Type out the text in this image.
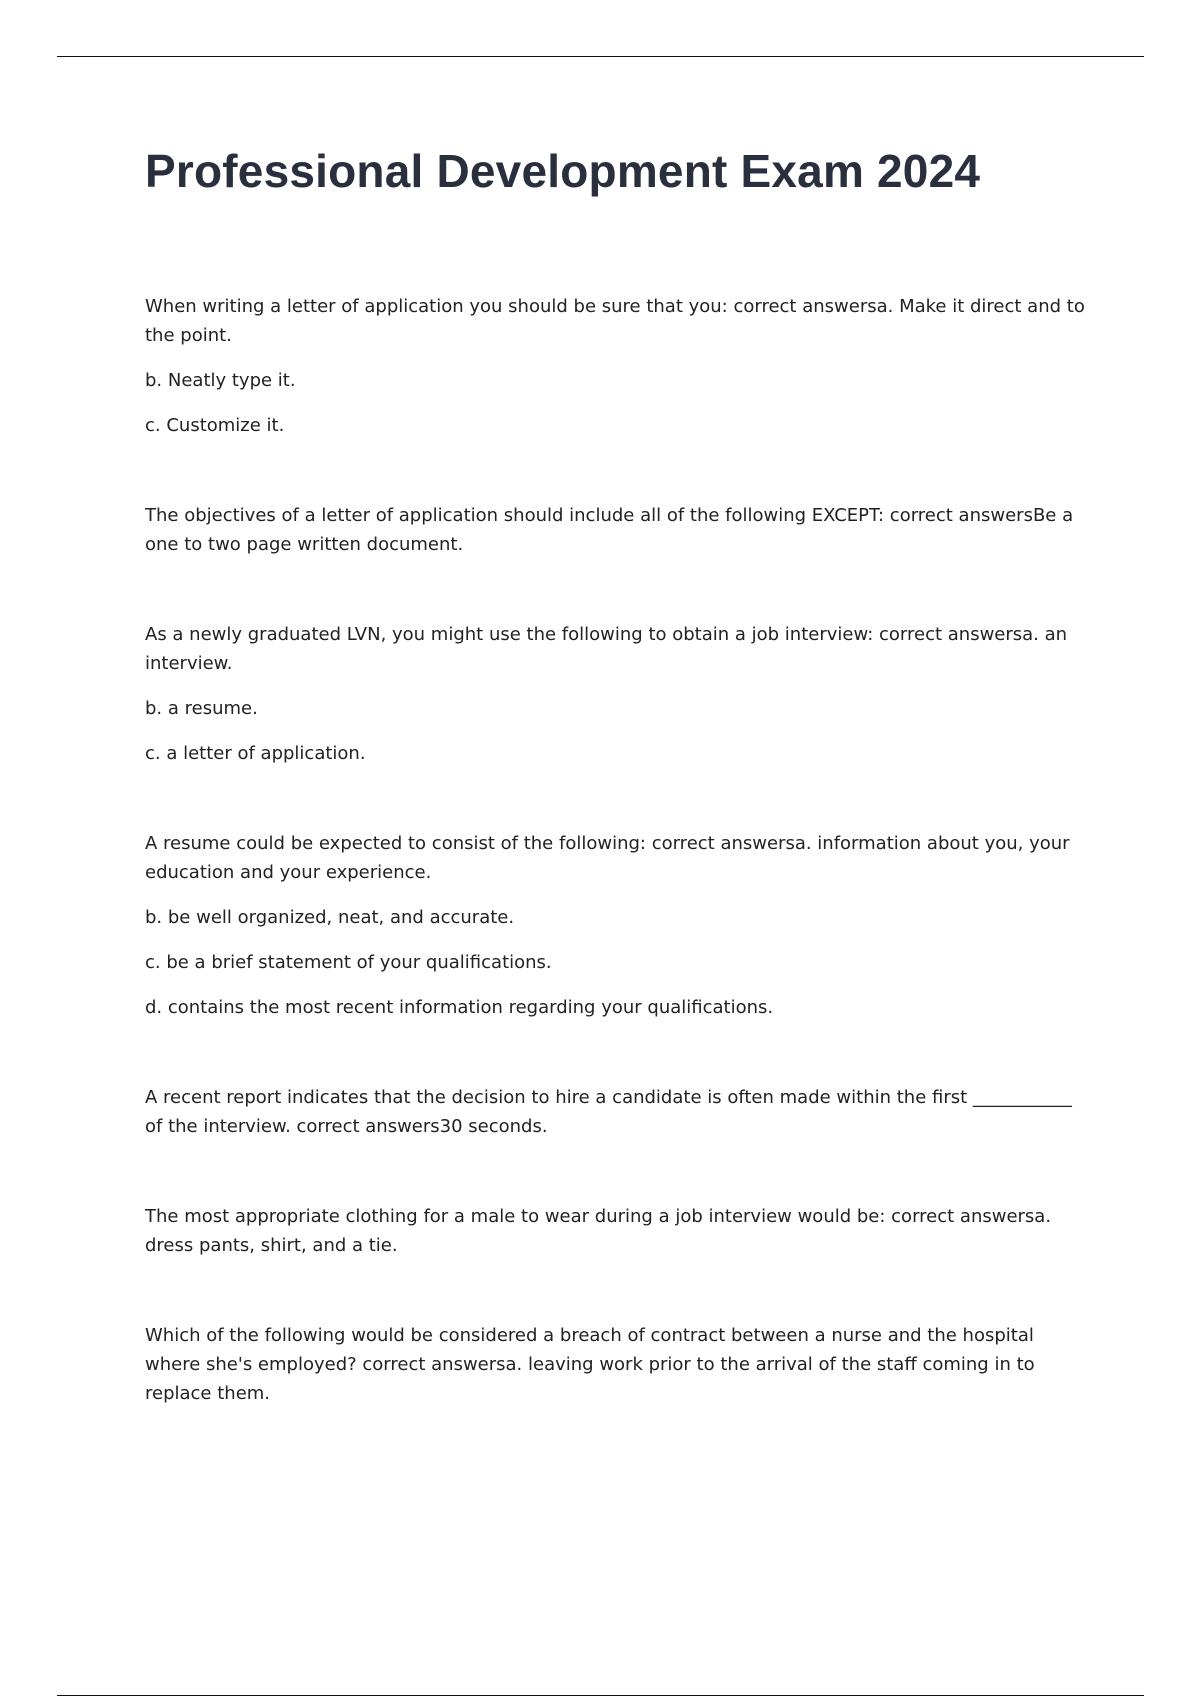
Professional Development Exam 2024

When writing a letter of application you should be sure that you: correct answersa. Make it direct and to the point.

b. Neatly type it.

c. Customize it.

The objectives of a letter of application should include all of the following EXCEPT: correct answersBe a one to two page written document.

As a newly graduated LVN, you might use the following to obtain a job interview: correct answersa. an interview.

b. a resume.

c. a letter of application.

A resume could be expected to consist of the following: correct answersa. information about you, your education and your experience.

b. be well organized, neat, and accurate.

c. be a brief statement of your qualifications.

d. contains the most recent information regarding your qualifications.

A recent report indicates that the decision to hire a candidate is often made within the first ___________ of the interview. correct answers30 seconds.

The most appropriate clothing for a male to wear during a job interview would be: correct answersa. dress pants, shirt, and a tie.

Which of the following would be considered a breach of contract between a nurse and the hospital where she's employed? correct answersa. leaving work prior to the arrival of the staff coming in to replace them.
